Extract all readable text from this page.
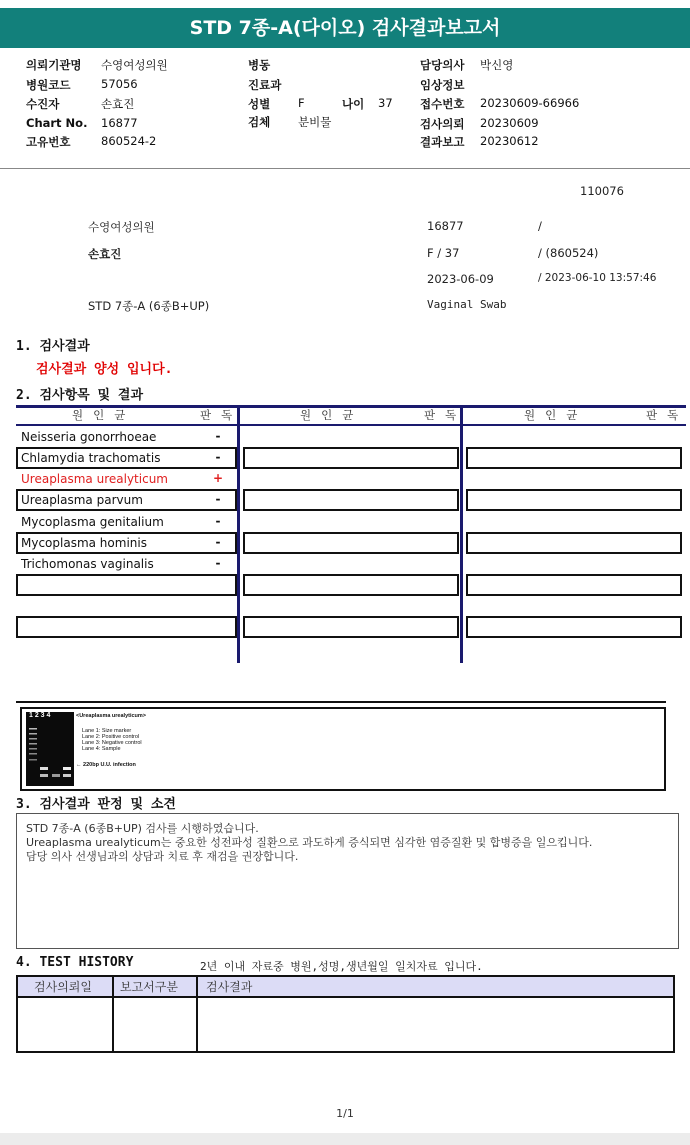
STD 7종-A(다이오) 검사결과보고서
의뢰기관명 수영여성의원
병원코드	57056
수진자	손효진
Chart No. 16877
고유번호	860524-2
병동
진료과
성별 F	나이 37
검체 분비물
담당의사 박신영
임상정보
접수번호 20230609-66966
검사의뢰 20230609
결과보고 20230612
110076
수영여성의원	16877	/
손효진	F / 37	/ (860524)
2023-06-09	/ 2023-06-10 13:57:46
STD 7종-A (6종B+UP)	Vaginal Swab
1. 검사결과
검사결과 양성 입니다.
2. 검사항목 및 결과
원인균	판독	원인균	판독	원인균	판독
Neisseria gonorrhoeae	-
Chlamydia trachomatis	-
Ureaplasma urealyticum	+
Ureaplasma parvum	-
Mycoplasma genitalium	-
Mycoplasma hominis	-
Trichomonas vaginalis	-
1 2 3 4	<Ureaplasma urealyticum>
Lane 1: Size marker
Lane 2: Positive control
Lane 3: Negative control
Lane 4: Sample
← 220bp U.U. infection
3. 검사결과 판정 및 소견
STD 7종-A (6종B+UP) 검사를 시행하였습니다.
Ureaplasma urealyticum는 중요한 성전파성 질환으로 과도하게 증식되면 심각한 염증질환 및 합병증을 일으킵니다.
담당 의사 선생님과의 상담과 치료 후 재검을 권장합니다.
4. TEST HISTORY	2년 이내 자료중 병원,성명,생년월일 일치자료 입니다.
검사의뢰일 보고서구분 검사결과
1/1
